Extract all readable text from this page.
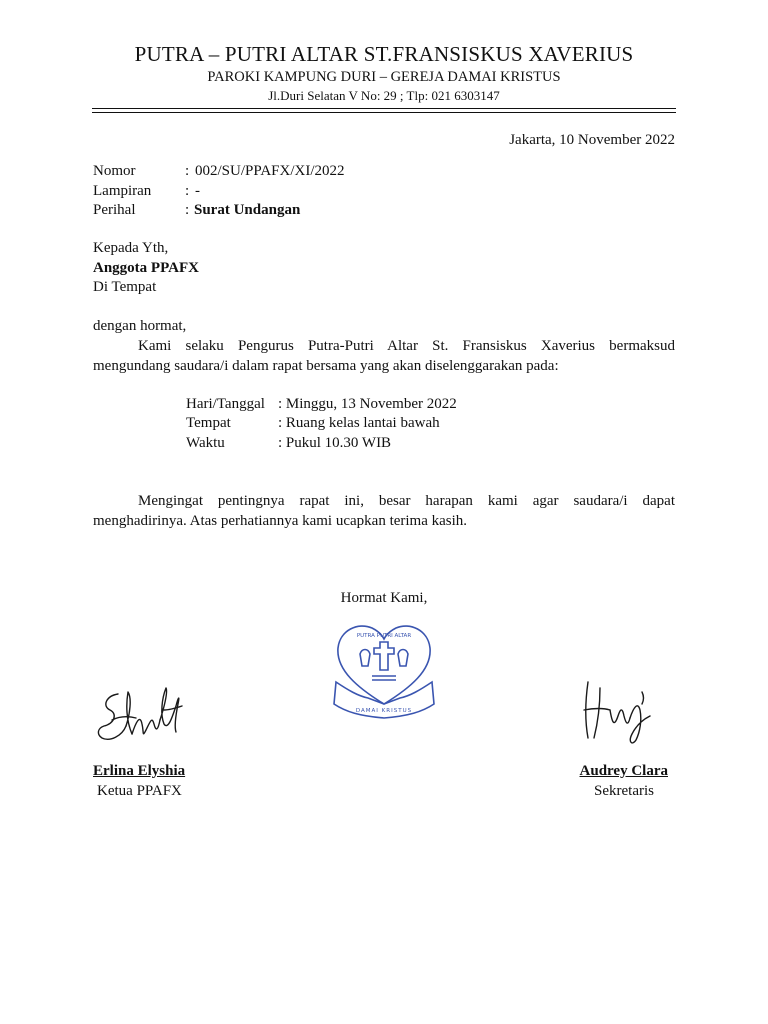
PUTRA – PUTRI ALTAR ST.FRANSISKUS XAVERIUS
PAROKI KAMPUNG DURI – GEREJA DAMAI KRISTUS
Jl.Duri Selatan V No: 29 ; Tlp: 021 6303147
Jakarta, 10 November 2022
Nomor	: 002/SU/PPAFX/XI/2022
Lampiran : -
Perihal	: Surat Undangan
Kepada Yth,
Anggota PPAFX
Di Tempat
dengan hormat,
Kami selaku Pengurus Putra-Putri Altar St. Fransiskus Xaverius bermaksud
mengundang saudara/i dalam rapat bersama yang akan diselenggarakan pada:
Hari/Tanggal : Minggu, 13 November 2022
Tempat	: Ruang kelas lantai bawah
Waktu	: Pukul 10.30 WIB
Mengingat pentingnya rapat ini, besar harapan kami agar saudara/i dapat
menghadirinya. Atas perhatiannya kami ucapkan terima kasih.
Hormat Kami,
PUTRA PUTRI ALTAR
DAMAI KRISTUS
Erlina Elyshia
Ketua PPAFX
Audrey Clara
Sekretaris
